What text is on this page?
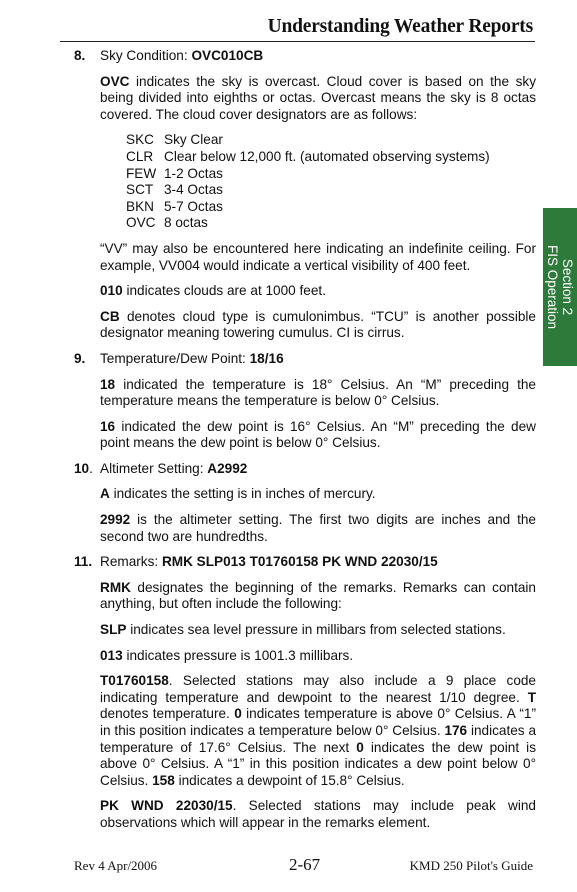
Understanding Weather Reports
Section 2
FIS Operation
8. Sky Condition: OVC010CB
OVC indicates the sky is overcast. Cloud cover is based on the sky being divided into eighths or octas. Overcast means the sky is 8 octas covered. The cloud cover designators are as follows:
SKC Sky Clear
CLR Clear below 12,000 ft. (automated observing systems)
FEW 1-2 Octas
SCT 3-4 Octas
BKN 5-7 Octas
OVC 8 octas
“VV” may also be encountered here indicating an indefinite ceiling. For example, VV004 would indicate a vertical visibility of 400 feet.
010 indicates clouds are at 1000 feet.
CB denotes cloud type is cumulonimbus. “TCU” is another possible designator meaning towering cumulus. CI is cirrus.
9. Temperature/Dew Point: 18/16
18 indicated the temperature is 18° Celsius. An “M” preceding the temperature means the temperature is below 0° Celsius.
16 indicated the dew point is 16° Celsius. An “M” preceding the dew point means the dew point is below 0° Celsius.
10. Altimeter Setting: A2992
A indicates the setting is in inches of mercury.
2992 is the altimeter setting. The first two digits are inches and the second two are hundredths.
11. Remarks: RMK SLP013 T01760158 PK WND 22030/15
RMK designates the beginning of the remarks. Remarks can contain anything, but often include the following:
SLP indicates sea level pressure in millibars from selected stations.
013 indicates pressure is 1001.3 millibars.
T01760158. Selected stations may also include a 9 place code indicating temperature and dewpoint to the nearest 1/10 degree. T denotes temperature. 0 indicates temperature is above 0° Celsius. A “1” in this position indicates a temperature below 0° Celsius. 176 indicates a temperature of 17.6° Celsius. The next 0 indicates the dew point is above 0° Celsius. A “1” in this position indicates a dew point below 0° Celsius. 158 indicates a dewpoint of 15.8° Celsius.
PK WND 22030/15. Selected stations may include peak wind observations which will appear in the remarks element.
Rev 4 Apr/2006	2-67	KMD 250 Pilot's Guide
